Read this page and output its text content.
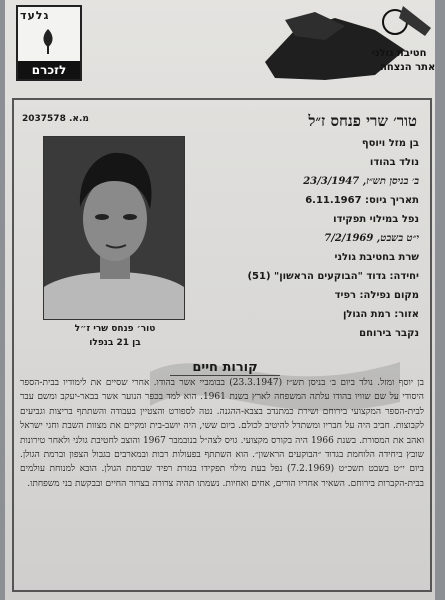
גלעד
לזכרם
חטיבת גולני
אתר הנצחה
מ.א. 2037578	טור׳ שרי פנחס ז״ל
טור׳ פנחס שרי ז״ל
בן 21 בנפלו
בן מזל ויוסף
נולד בהודו
ב׳ בניסן תש״ז, 23/3/1947
תאריך גיוס: 6.11.1967
נפל במילוי תפקידו
י״ט בשבט, 7/2/1969
שרת בחטיבת גולני
יחידה: גדוד "הבוקעים הראשון" (51)
מקום נפילה: רפיד
אזור: רמת הגולן
נקבר בירוחם
קורות חיים
בן יוסף ומזל. נולד ביום ב׳ בניסן תש״ז (23.3.1947) בבומביי אשר בהודו. אחרי שסיים את לימודיו בבית-הספר היסודי על שם שוויו בהודו עלתה המשפחה לארץ בשנת 1961. הוא למד בכפר הנוער אשר בבאר-יעקב ומשם עבר לבית-הספר המקצועי בירוחם ושירת כמתנדב בצבא-ההגנה. נטה לספורט והצטיין בעבודה והשתתף בריצות וגביעים לקבוצות. חביב היה על חבריו ומשתדל להיטיב לכולם. ביום ששי, היה יושב-בית ומקיים את מצוות השבת וחגי ישראל ואהב את המסורת. בשנת 1966 היה בקורס מקצועי. גויס לצה״ל בנובמבר 1967 והוצב לחטיבת גולני ולאחר טירונות שובץ ביחידה הלוחמת בגדוד ״הבוקעים הראשון״. הוא השתתף בפעולות רבות ובמארבים בגבול הצפון וברמת הגולן. ביום י״ט בשבט תשכ״ט (7.2.1969) נפל בעת מילוי תפקידו בגזרת רפיד שברמת הגולן. הובא למנוחת עולמים בבית-הקברות בירוחם. השאיר אחריו הורים, אחים ואחיות. נשמתו תהיה צרורה בצרור החיים ובבקשת בני משפחתו.
